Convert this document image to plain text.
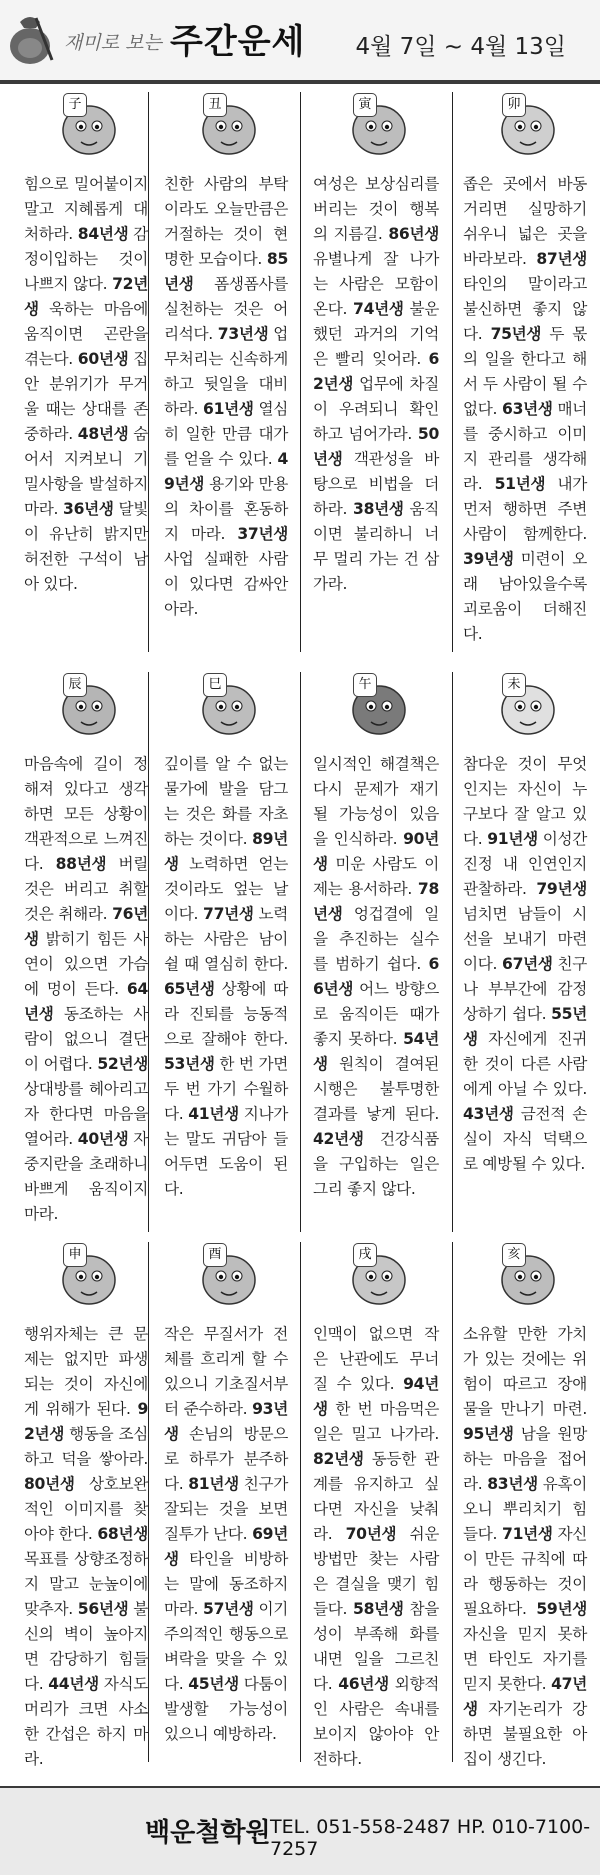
재미로 보는 주간운세 4월 7일 ~ 4월 13일
子
힘으로 밀어붙이지 말고 지혜롭게 대처하라. 84년생 감정이입하는 것이 나쁘지 않다. 72년생 욱하는 마음에 움직이면 곤란을 겪는다. 60년생 집안 분위기가 무거울 때는 상대를 존중하라. 48년생 숨어서 지켜보니 기밀사항을 발설하지 마라. 36년생 달빛이 유난히 밝지만 허전한 구석이 남아 있다.
丑
친한 사람의 부탁이라도 오늘만큼은 거절하는 것이 현명한 모습이다. 85년생 폼생폼사를 실천하는 것은 어리석다. 73년생 업무처리는 신속하게 하고 뒷일을 대비하라. 61년생 열심히 일한 만큼 대가를 얻을 수 있다. 49년생 용기와 만용의 차이를 혼동하지 마라. 37년생 사업 실패한 사람이 있다면 감싸안아라.
寅
여성은 보상심리를 버리는 것이 행복의 지름길. 86년생 유별나게 잘 나가는 사람은 모함이 온다. 74년생 불운했던 과거의 기억은 빨리 잊어라. 62년생 업무에 차질이 우려되니 확인하고 넘어가라. 50년생 객관성을 바탕으로 비법을 더하라. 38년생 움직이면 불리하니 너무 멀리 가는 건 삼가라.
卯
좁은 곳에서 바동거리면 실망하기 쉬우니 넓은 곳을 바라보라. 87년생 타인의 말이라고 불신하면 좋지 않다. 75년생 두 몫의 일을 한다고 해서 두 사람이 될 수 없다. 63년생 매너를 중시하고 이미지 관리를 생각해라. 51년생 내가 먼저 행하면 주변 사람이 함께한다. 39년생 미련이 오래 남아있을수록 괴로움이 더해진다.
辰
마음속에 길이 정해져 있다고 생각하면 모든 상황이 객관적으로 느껴진다. 88년생 버릴 것은 버리고 취할 것은 취해라. 76년생 밝히기 힘든 사연이 있으면 가슴에 멍이 든다. 64년생 동조하는 사람이 없으니 결단이 어렵다. 52년생 상대방를 헤아리고자 한다면 마음을 열어라. 40년생 자중지란을 초래하니 바쁘게 움직이지 마라.
巳
깊이를 알 수 없는 물가에 발을 담그는 것은 화를 자초하는 것이다. 89년생 노력하면 얻는 것이라도 엎는 날이다. 77년생 노력하는 사람은 남이 쉴 때 열심히 한다. 65년생 상황에 따라 진퇴를 능동적으로 잘해야 한다. 53년생 한 번 가면 두 번 가기 수월하다. 41년생 지나가는 말도 귀담아 들어두면 도움이 된다.
午
일시적인 해결책은 다시 문제가 재기될 가능성이 있음을 인식하라. 90년생 미운 사람도 이제는 용서하라. 78년생 엉겁결에 일을 추진하는 실수를 범하기 쉽다. 66년생 어느 방향으로 움직이든 때가 좋지 못하다. 54년생 원칙이 결여된 시행은 불투명한 결과를 낳게 된다. 42년생 건강식품을 구입하는 일은 그리 좋지 않다.
未
참다운 것이 무엇인지는 자신이 누구보다 잘 알고 있다. 91년생 이성간 진정 내 인연인지 관찰하라. 79년생 넘치면 남들이 시선을 보내기 마련이다. 67년생 친구나 부부간에 감정 상하기 쉽다. 55년생 자신에게 진귀한 것이 다른 사람에게 아닐 수 있다. 43년생 금전적 손실이 자식 덕택으로 예방될 수 있다.
申
행위자체는 큰 문제는 없지만 파생되는 것이 자신에게 위해가 된다. 92년생 행동을 조심하고 덕을 쌓아라. 80년생 상호보완적인 이미지를 찾아야 한다. 68년생 목표를 상향조정하지 말고 눈높이에 맞추자. 56년생 불신의 벽이 높아지면 감당하기 힘들다. 44년생 자식도 머리가 크면 사소한 간섭은 하지 마라.
酉
작은 무질서가 전체를 흐리게 할 수 있으니 기초질서부터 준수하라. 93년생 손님의 방문으로 하루가 분주하다. 81년생 친구가 잘되는 것을 보면 질투가 난다. 69년생 타인을 비방하는 말에 동조하지 마라. 57년생 이기주의적인 행동으로 벼락을 맞을 수 있다. 45년생 다툼이 발생할 가능성이 있으니 예방하라.
戌
인맥이 없으면 작은 난관에도 무너질 수 있다. 94년생 한 번 마음먹은 일은 밀고 나가라. 82년생 동등한 관계를 유지하고 싶다면 자신을 낮춰라. 70년생 쉬운 방법만 찾는 사람은 결실을 맺기 힘들다. 58년생 참을성이 부족해 화를 내면 일을 그르친다. 46년생 외향적인 사람은 속내를 보이지 않아야 안전하다.
亥
소유할 만한 가치가 있는 것에는 위험이 따르고 장애물을 만나기 마련. 95년생 남을 원망하는 마음을 접어라. 83년생 유혹이 오니 뿌리치기 힘들다. 71년생 자신이 만든 규칙에 따라 행동하는 것이 필요하다. 59년생 자신을 믿지 못하면 타인도 자기를 믿지 못한다. 47년생 자기논리가 강하면 불필요한 아집이 생긴다.
백운철학원 TEL. 051-558-2487 HP. 010-7100-7257
